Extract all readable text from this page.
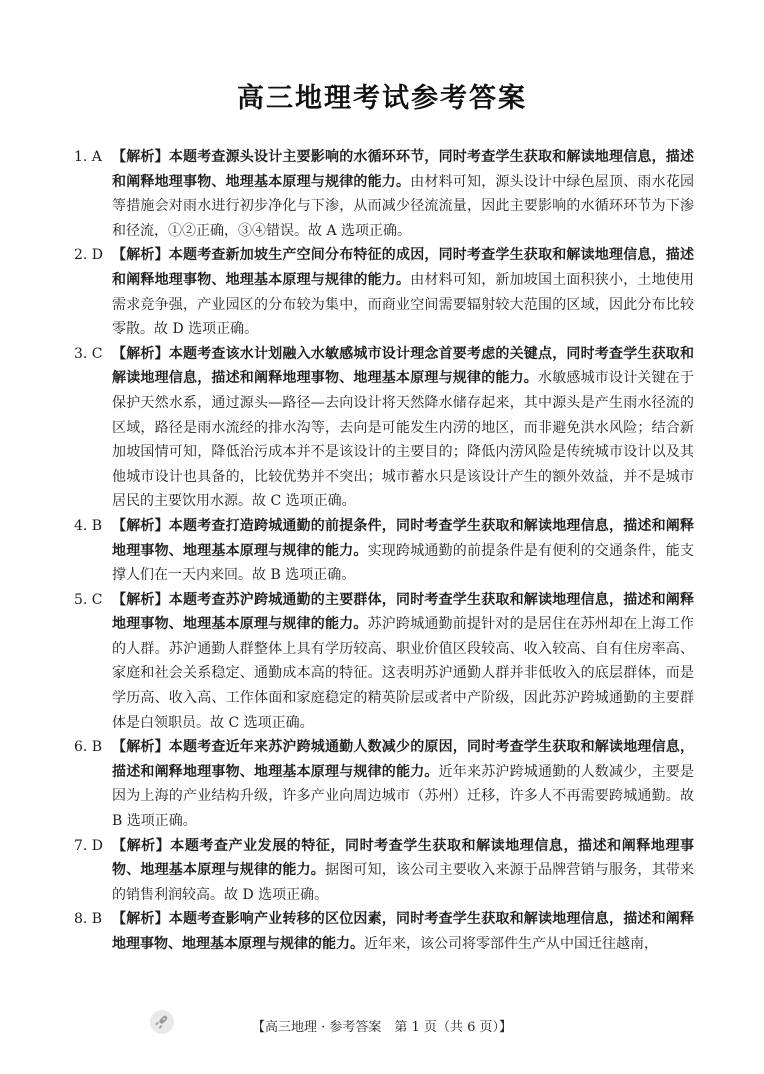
高三地理考试参考答案
1. A 【解析】本题考查源头设计主要影响的水循环环节，同时考查学生获取和解读地理信息，描述和阐释地理事物、地理基本原理与规律的能力。由材料可知，源头设计中绿色屋顶、雨水花园等措施会对雨水进行初步净化与下渗，从而减少径流流量，因此主要影响的水循环环节为下渗和径流，①②正确，③④错误。故 A 选项正确。
2. D 【解析】本题考查新加坡生产空间分布特征的成因，同时考查学生获取和解读地理信息，描述和阐释地理事物、地理基本原理与规律的能力。由材料可知，新加坡国土面积狭小，土地使用需求竞争强，产业园区的分布较为集中，而商业空间需要辐射较大范围的区域，因此分布比较零散。故 D 选项正确。
3. C 【解析】本题考查该水计划融入水敏感城市设计理念首要考虑的关键点，同时考查学生获取和解读地理信息，描述和阐释地理事物、地理基本原理与规律的能力。水敏感城市设计关键在于保护天然水系，通过源头—路径—去向设计将天然降水储存起来，其中源头是产生雨水径流的区域，路径是雨水流经的排水沟等，去向是可能发生内涝的地区，而非避免洪水风险；结合新加坡国情可知，降低治污成本并不是该设计的主要目的；降低内涝风险是传统城市设计以及其他城市设计也具备的，比较优势并不突出；城市蓄水只是该设计产生的额外效益，并不是城市居民的主要饮用水源。故 C 选项正确。
4. B 【解析】本题考查打造跨城通勤的前提条件，同时考查学生获取和解读地理信息，描述和阐释地理事物、地理基本原理与规律的能力。实现跨城通勤的前提条件是有便利的交通条件，能支撑人们在一天内来回。故 B 选项正确。
5. C 【解析】本题考查苏沪跨城通勤的主要群体，同时考查学生获取和解读地理信息，描述和阐释地理事物、地理基本原理与规律的能力。苏沪跨城通勤前提针对的是居住在苏州却在上海工作的人群。苏沪通勤人群整体上具有学历较高、职业价值区段较高、收入较高、自有住房率高、家庭和社会关系稳定、通勤成本高的特征。这表明苏沪通勤人群并非低收入的底层群体，而是学历高、收入高、工作体面和家庭稳定的精英阶层或者中产阶级，因此苏沪跨城通勤的主要群体是白领职员。故 C 选项正确。
6. B 【解析】本题考查近年来苏沪跨城通勤人数减少的原因，同时考查学生获取和解读地理信息，描述和阐释地理事物、地理基本原理与规律的能力。近年来苏沪跨城通勤的人数减少，主要是因为上海的产业结构升级，许多产业向周边城市（苏州）迁移，许多人不再需要跨城通勤。故 B 选项正确。
7. D 【解析】本题考查产业发展的特征，同时考查学生获取和解读地理信息，描述和阐释地理事物、地理基本原理与规律的能力。据图可知，该公司主要收入来源于品牌营销与服务，其带来的销售利润较高。故 D 选项正确。
8. B 【解析】本题考查影响产业转移的区位因素，同时考查学生获取和解读地理信息，描述和阐释地理事物、地理基本原理与规律的能力。近年来，该公司将零部件生产从中国迁往越南，
【高三地理 · 参考答案　第 1 页（共 6 页）】
